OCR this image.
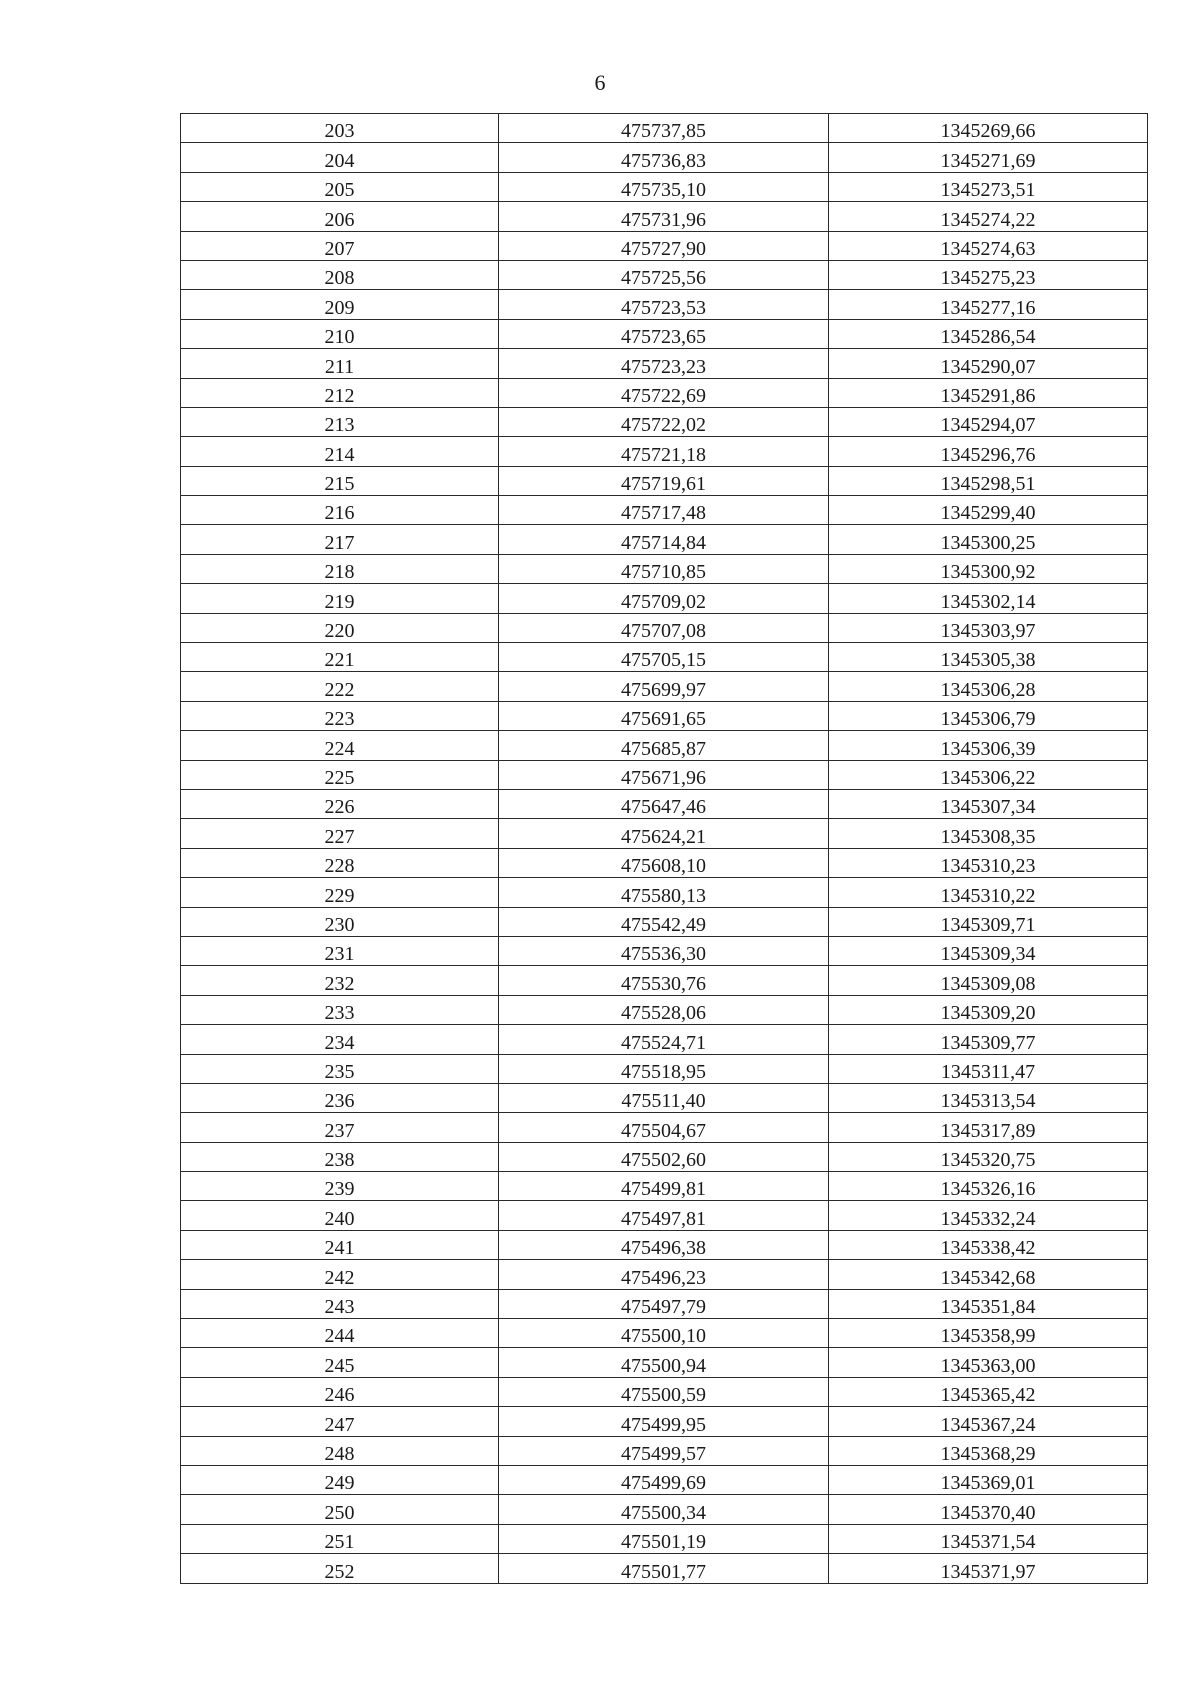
6
203	475737,85	1345269,66
204	475736,83	1345271,69
205	475735,10	1345273,51
206	475731,96	1345274,22
207	475727,90	1345274,63
208	475725,56	1345275,23
209	475723,53	1345277,16
210	475723,65	1345286,54
211	475723,23	1345290,07
212	475722,69	1345291,86
213	475722,02	1345294,07
214	475721,18	1345296,76
215	475719,61	1345298,51
216	475717,48	1345299,40
217	475714,84	1345300,25
218	475710,85	1345300,92
219	475709,02	1345302,14
220	475707,08	1345303,97
221	475705,15	1345305,38
222	475699,97	1345306,28
223	475691,65	1345306,79
224	475685,87	1345306,39
225	475671,96	1345306,22
226	475647,46	1345307,34
227	475624,21	1345308,35
228	475608,10	1345310,23
229	475580,13	1345310,22
230	475542,49	1345309,71
231	475536,30	1345309,34
232	475530,76	1345309,08
233	475528,06	1345309,20
234	475524,71	1345309,77
235	475518,95	1345311,47
236	475511,40	1345313,54
237	475504,67	1345317,89
238	475502,60	1345320,75
239	475499,81	1345326,16
240	475497,81	1345332,24
241	475496,38	1345338,42
242	475496,23	1345342,68
243	475497,79	1345351,84
244	475500,10	1345358,99
245	475500,94	1345363,00
246	475500,59	1345365,42
247	475499,95	1345367,24
248	475499,57	1345368,29
249	475499,69	1345369,01
250	475500,34	1345370,40
251	475501,19	1345371,54
252	475501,77	1345371,97
